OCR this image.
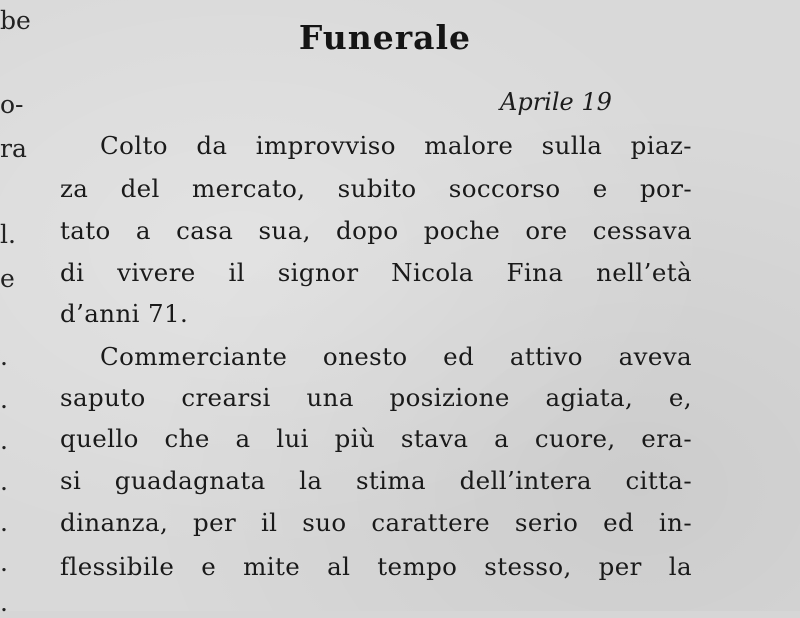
be
o-
ra
l.
e
.
.
.
.
.
.
.
Funerale
Aprile 19
Colto da improvviso malore sulla piaz-
za del mercato, subito soccorso e por-
tato a casa sua, dopo poche ore cessava
di vivere il signor Nicola Fina nell’età
d’anni 71.
Commerciante onesto ed attivo aveva
saputo crearsi una posizione agiata, e,
quello che a lui più stava a cuore, era-
si guadagnata la stima dell’intera citta-
dinanza, per il suo carattere serio ed in-
flessibile e mite al tempo stesso, per la
